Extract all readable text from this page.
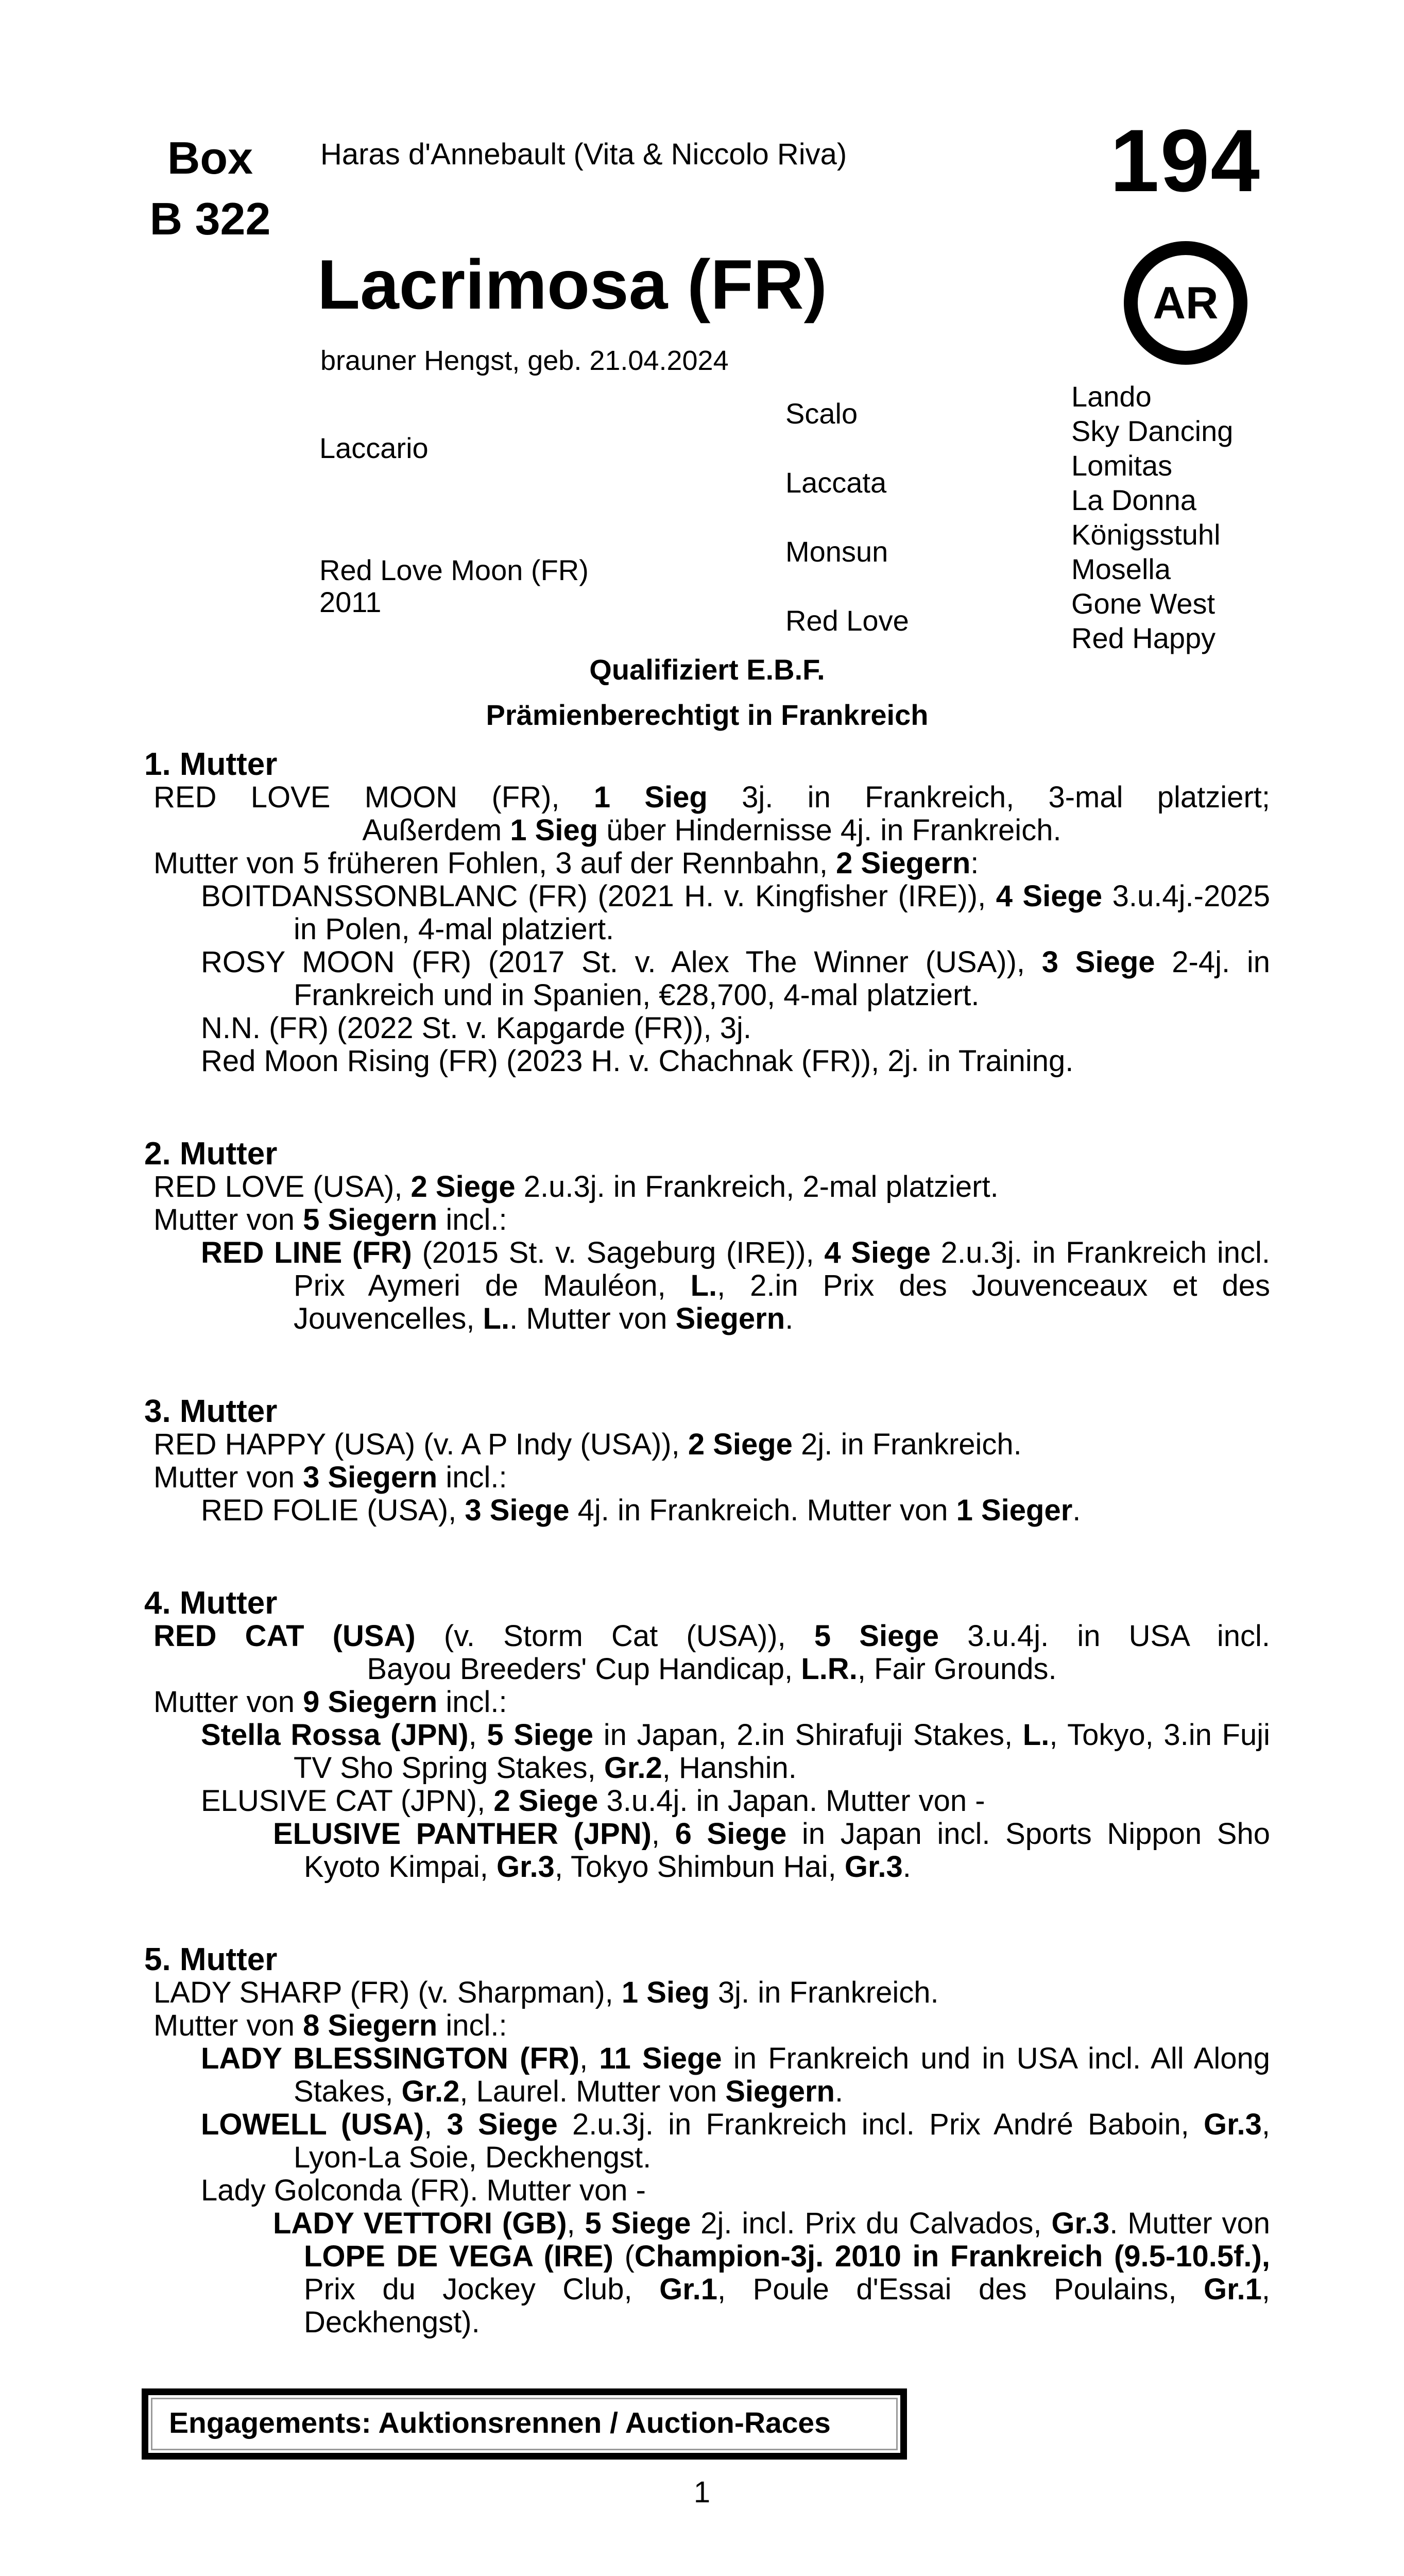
Box
B 322
Haras d'Annebault (Vita & Niccolo Riva)	194
Lacrimosa (FR)
brauner Hengst, geb. 21.04.2024
AR
Laccario
Red Love Moon (FR)
2011
Scalo
Laccata
Monsun
Red Love
Lando
Sky Dancing
Lomitas
La Donna
Königsstuhl
Mosella
Gone West
Red Happy
Qualifiziert E.B.F.
Prämienberechtigt in Frankreich
1. Mutter

RED LOVE MOON (FR), 1 Sieg 3j. in Frankreich, 3-mal platziert;

Außerdem 1 Sieg über Hindernisse 4j. in Frankreich.

Mutter von 5 früheren Fohlen, 3 auf der Rennbahn, 2 Siegern:

BOITDANSSONBLANC (FR) (2021 H. v. Kingfisher (IRE)), 4 Siege 3.u.4j.-2025 in Polen, 4-mal platziert.

ROSY MOON (FR) (2017 St. v. Alex The Winner (USA)), 3 Siege 2-4j. in Frankreich und in Spanien, €28,700, 4-mal platziert.

N.N. (FR) (2022 St. v. Kapgarde (FR)), 3j.

Red Moon Rising (FR) (2023 H. v. Chachnak (FR)), 2j. in Training.

2. Mutter

RED LOVE (USA), 2 Siege 2.u.3j. in Frankreich, 2-mal platziert.

Mutter von 5 Siegern incl.:

RED LINE (FR) (2015 St. v. Sageburg (IRE)), 4 Siege 2.u.3j. in Frankreich incl. Prix Aymeri de Mauléon, L., 2.in Prix des Jouvenceaux et des Jouvencelles, L.. Mutter von Siegern.

3. Mutter

RED HAPPY (USA) (v. A P Indy (USA)), 2 Siege 2j. in Frankreich.

Mutter von 3 Siegern incl.:

RED FOLIE (USA), 3 Siege 4j. in Frankreich. Mutter von 1 Sieger.

4. Mutter

RED CAT (USA) (v. Storm Cat (USA)), 5 Siege 3.u.4j. in USA incl.

Bayou Breeders' Cup Handicap, L.R., Fair Grounds.

Mutter von 9 Siegern incl.:

Stella Rossa (JPN), 5 Siege in Japan, 2.in Shirafuji Stakes, L., Tokyo, 3.in Fuji TV Sho Spring Stakes, Gr.2, Hanshin.

ELUSIVE CAT (JPN), 2 Siege 3.u.4j. in Japan. Mutter von -

ELUSIVE PANTHER (JPN), 6 Siege in Japan incl. Sports Nippon Sho Kyoto Kimpai, Gr.3, Tokyo Shimbun Hai, Gr.3.

5. Mutter

LADY SHARP (FR) (v. Sharpman), 1 Sieg 3j. in Frankreich.

Mutter von 8 Siegern incl.:

LADY BLESSINGTON (FR), 11 Siege in Frankreich und in USA incl. All Along Stakes, Gr.2, Laurel. Mutter von Siegern.

LOWELL (USA), 3 Siege 2.u.3j. in Frankreich incl. Prix André Baboin, Gr.3, Lyon-La Soie, Deckhengst.

Lady Golconda (FR). Mutter von -

LADY VETTORI (GB), 5 Siege 2j. incl. Prix du Calvados, Gr.3. Mutter von LOPE DE VEGA (IRE) (Champion-3j. 2010 in Frankreich (9.5-10.5f.), Prix du Jockey Club, Gr.1, Poule d'Essai des Poulains, Gr.1, Deckhengst).

Engagements: Auktionsrennen / Auction-Races
1
